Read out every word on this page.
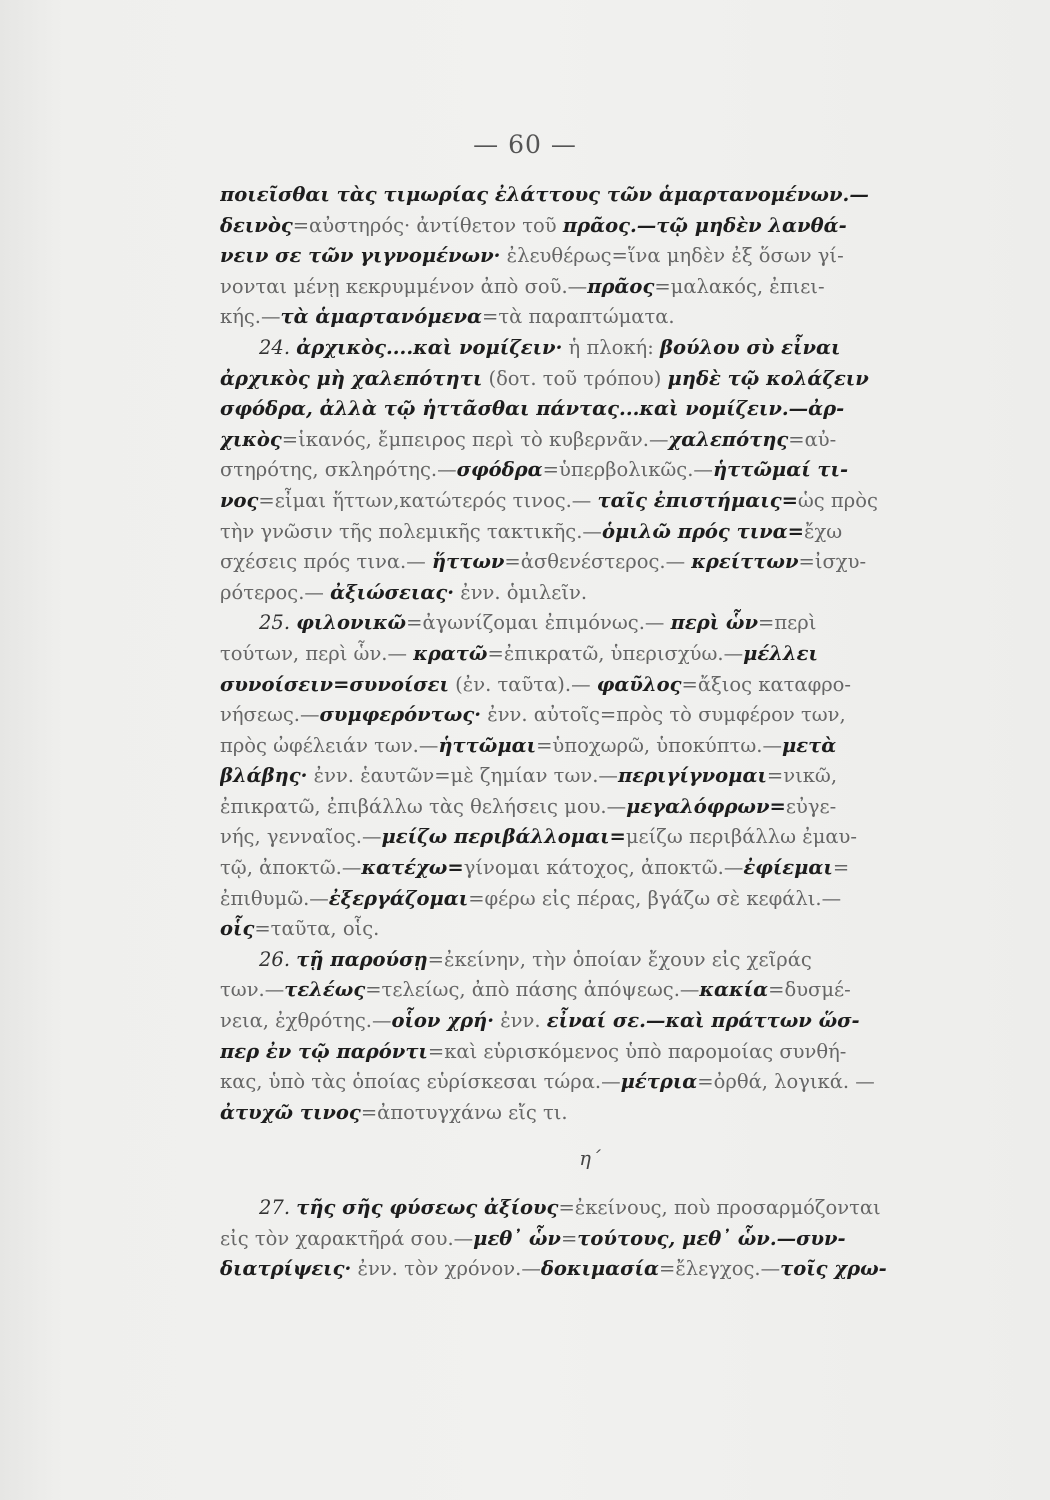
— 60 —
ποιεῖσθαι τὰς τιμωρίας ἐλάττους τῶν ἁμαρτανομένων.—
δεινὸς=αὐστηρός· ἀντίθετον τοῦ πρᾶος.—τῷ μηδὲν λανθά-
νειν σε τῶν γιγνομένων· ἐλευθέρως=ἵνα μηδὲν ἐξ ὅσων γί-
νονται μένῃ κεκρυμμένον ἀπὸ σοῦ.—πρᾶος=μαλακός, ἐπιει-
κής.—τὰ ἁμαρτανόμενα=τὰ παραπτώματα.
  24. ἀρχικὸς....καὶ νομίζειν· ἡ πλοκή: βούλου σὺ εἶναι
ἀρχικὸς μὴ χαλεπότητι (δοτ. τοῦ τρόπου) μηδὲ τῷ κολάζειν
σφόδρα, ἀλλὰ τῷ ἡττᾶσθαι πάντας...καὶ νομίζειν.—ἀρ-
χικὸς=ἱκανός, ἔμπειρος περὶ τὸ κυβερνᾶν.—χαλεπότης=αὐ-
στηρότης, σκληρότης.—σφόδρα=ὑπερβολικῶς.—ἡττῶμαί τι-
νος=εἶμαι ἥττων,κατώτερός τινος.— ταῖς ἐπιστήμαις=ὡς πρὸς
τὴν γνῶσιν τῆς πολεμικῆς τακτικῆς.—ὁμιλῶ πρός τινα=ἔχω
σχέσεις πρός τινα.— ἥττων=ἀσθενέστερος.— κρείττων=ἰσχυ-
ρότερος.— ἀξιώσειας· ἐνν. ὁμιλεῖν.
  25. φιλονικῶ=ἀγωνίζομαι ἐπιμόνως.— περὶ ὧν=περὶ
τούτων, περὶ ὧν.— κρατῶ=ἐπικρατῶ, ὑπερισχύω.—μέλλει
συνοίσειν=συνοίσει (ἐν. ταῦτα).— φαῦλος=ἄξιος καταφρο-
νήσεως.—συμφερόντως· ἐνν. αὐτοῖς=πρὸς τὸ συμφέρον των,
πρὸς ὠφέλειάν των.—ἡττῶμαι=ὑποχωρῶ, ὑποκύπτω.—μετὰ
βλάβης· ἐνν. ἑαυτῶν=μὲ ζημίαν των.—περιγίγνομαι=νικῶ,
ἐπικρατῶ, ἐπιβάλλω τὰς θελήσεις μου.—μεγαλόφρων=εὐγε-
νής, γενναῖος.—μείζω περιβάλλομαι=μείζω περιβάλλω ἐμαυ-
τῷ, ἀποκτῶ.—κατέχω=γίνομαι κάτοχος, ἀποκτῶ.—ἐφίεμαι=
ἐπιθυμῶ.—ἐξεργάζομαι=φέρω εἰς πέρας, βγάζω σὲ κεφάλι.—
οἷς=ταῦτα, οἷς.
  26. τῇ παρούσῃ=ἐκείνην, τὴν ὁποίαν ἔχουν εἰς χεῖράς
των.—τελέως=τελείως, ἀπὸ πάσης ἀπόψεως.—κακία=δυσμέ-
νεια, ἐχθρότης.—οἷον χρή· ἐνν. εἶναί σε.—καὶ πράττων ὥσ-
περ ἐν τῷ παρόντι=καὶ εὑρισκόμενος ὑπὸ παρομοίας συνθή-
κας, ὑπὸ τὰς ὁποίας εὑρίσκεσαι τώρα.—μέτρια=ὀρθά, λογικά. —
ἀτυχῶ τινος=ἀποτυγχάνω εἴς τι.
η΄
  27. τῆς σῆς φύσεως ἀξίους=ἐκείνους, ποὺ προσαρμόζονται
εἰς τὸν χαρακτῆρά σου.—μεθ᾽ ὧν=τούτους, μεθ᾽ ὧν.—συν-
διατρίψεις· ἐνν. τὸν χρόνον.—δοκιμασία=ἔλεγχος.—τοῖς χρω-
